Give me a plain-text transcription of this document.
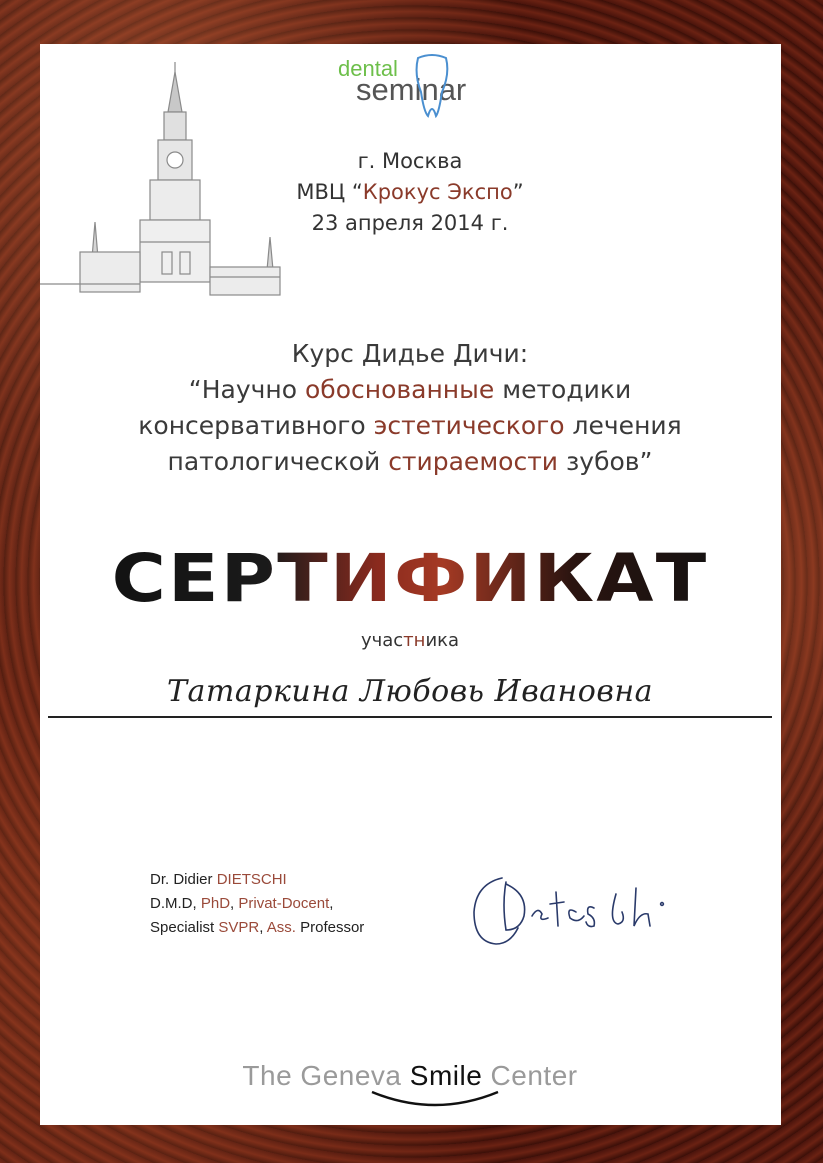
dental
seminar
г. Москва
МВЦ “Крокус Экспо”
23 апреля 2014 г.
Курс Дидье Дичи:
“Научно обоснованные методики
консервативного эстетического лечения
патологической стираемости зубов”
СЕРТИФИКАТ
участника
Татаркина Любовь Ивановна
Dr. Didier DIETSCHI
D.M.D, PhD, Privat-Docent,
Specialist SVPR, Ass. Professor
The Geneva Smile Center
